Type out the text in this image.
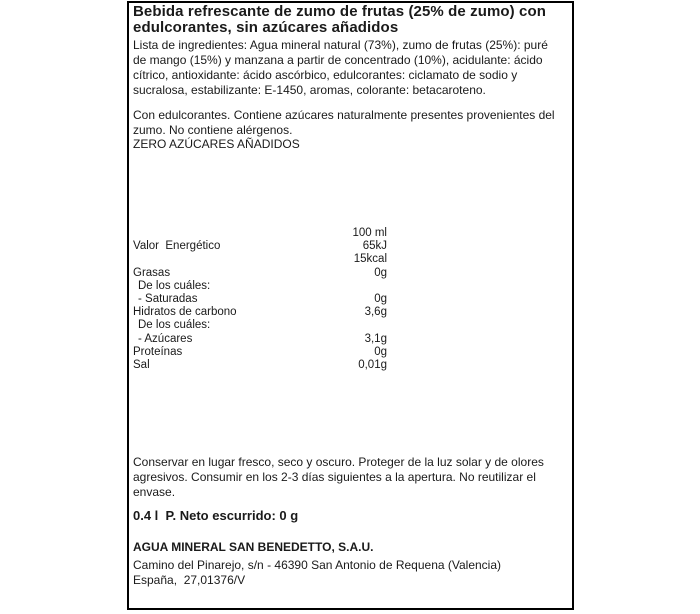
Bebida refrescante de zumo de frutas (25% de zumo) con edulcorantes, sin azúcares añadidos
Lista de ingredientes: Agua mineral natural (73%), zumo de frutas (25%): puré de mango (15%) y manzana a partir de concentrado (10%), acidulante: ácido cítrico, antioxidante: ácido ascórbico, edulcorantes: ciclamato de sodio y sucralosa, estabilizante: E-1450, aromas, colorante: betacaroteno.
Con edulcorantes. Contiene azúcares naturalmente presentes provenientes del zumo. No contiene alérgenos.
ZERO AZÚCARES AÑADIDOS
100 ml
Valor  Energético	65 kJ
15 kcal
Grasas	0 g
De los cuáles:
- Saturadas	0 g
Hidratos de carbono	3,6 g
De los cuáles:
- Azúcares	3,1 g
Proteínas	0 g
Sal	0,01 g
Conservar en lugar fresco, seco y oscuro. Proteger de la luz solar y de olores agresivos. Consumir en los 2-3 días siguientes a la apertura. No reutilizar el envase.
0.4 l  P. Neto escurrido: 0 g
AGUA MINERAL SAN BENEDETTO, S.A.U.
Camino del Pinarejo, s/n - 46390 San Antonio de Requena (Valencia)
España,  27,01376/V
